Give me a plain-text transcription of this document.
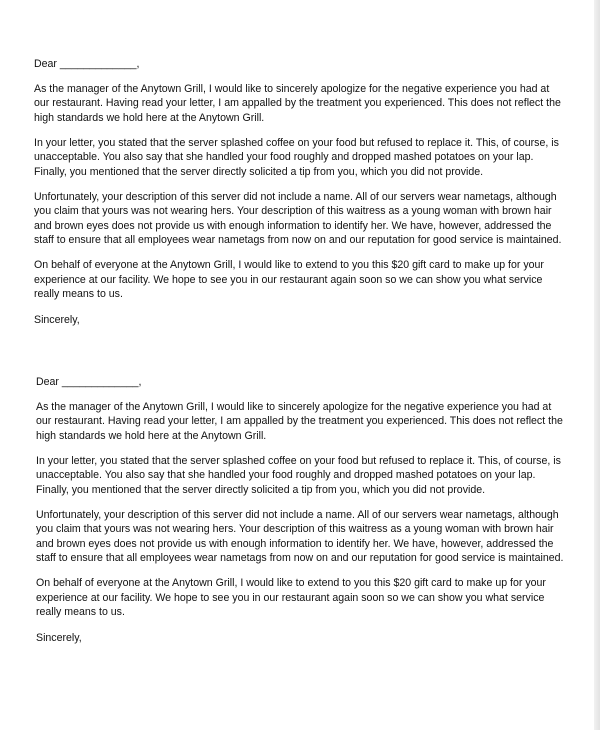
Dear _____________,

As the manager of the Anytown Grill, I would like to sincerely apologize for the negative experience you had at our restaurant. Having read your letter, I am appalled by the treatment you experienced. This does not reflect the high standards we hold here at the Anytown Grill.

In your letter, you stated that the server splashed coffee on your food but refused to replace it. This, of course, is unacceptable. You also say that she handled your food roughly and dropped mashed potatoes on your lap. Finally, you mentioned that the server directly solicited a tip from you, which you did not provide.

Unfortunately, your description of this server did not include a name. All of our servers wear nametags, although you claim that yours was not wearing hers. Your description of this waitress as a young woman with brown hair and brown eyes does not provide us with enough information to identify her. We have, however, addressed the staff to ensure that all employees wear nametags from now on and our reputation for good service is maintained.

On behalf of everyone at the Anytown Grill, I would like to extend to you this $20 gift card to make up for your experience at our facility. We hope to see you in our restaurant again soon so we can show you what service really means to us.

Sincerely,

Dear _____________,

As the manager of the Anytown Grill, I would like to sincerely apologize for the negative experience you had at our restaurant. Having read your letter, I am appalled by the treatment you experienced. This does not reflect the high standards we hold here at the Anytown Grill.

In your letter, you stated that the server splashed coffee on your food but refused to replace it. This, of course, is unacceptable. You also say that she handled your food roughly and dropped mashed potatoes on your lap. Finally, you mentioned that the server directly solicited a tip from you, which you did not provide.

Unfortunately, your description of this server did not include a name. All of our servers wear nametags, although you claim that yours was not wearing hers. Your description of this waitress as a young woman with brown hair and brown eyes does not provide us with enough information to identify her. We have, however, addressed the staff to ensure that all employees wear nametags from now on and our reputation for good service is maintained.

On behalf of everyone at the Anytown Grill, I would like to extend to you this $20 gift card to make up for your experience at our facility. We hope to see you in our restaurant again soon so we can show you what service really means to us.

Sincerely,
